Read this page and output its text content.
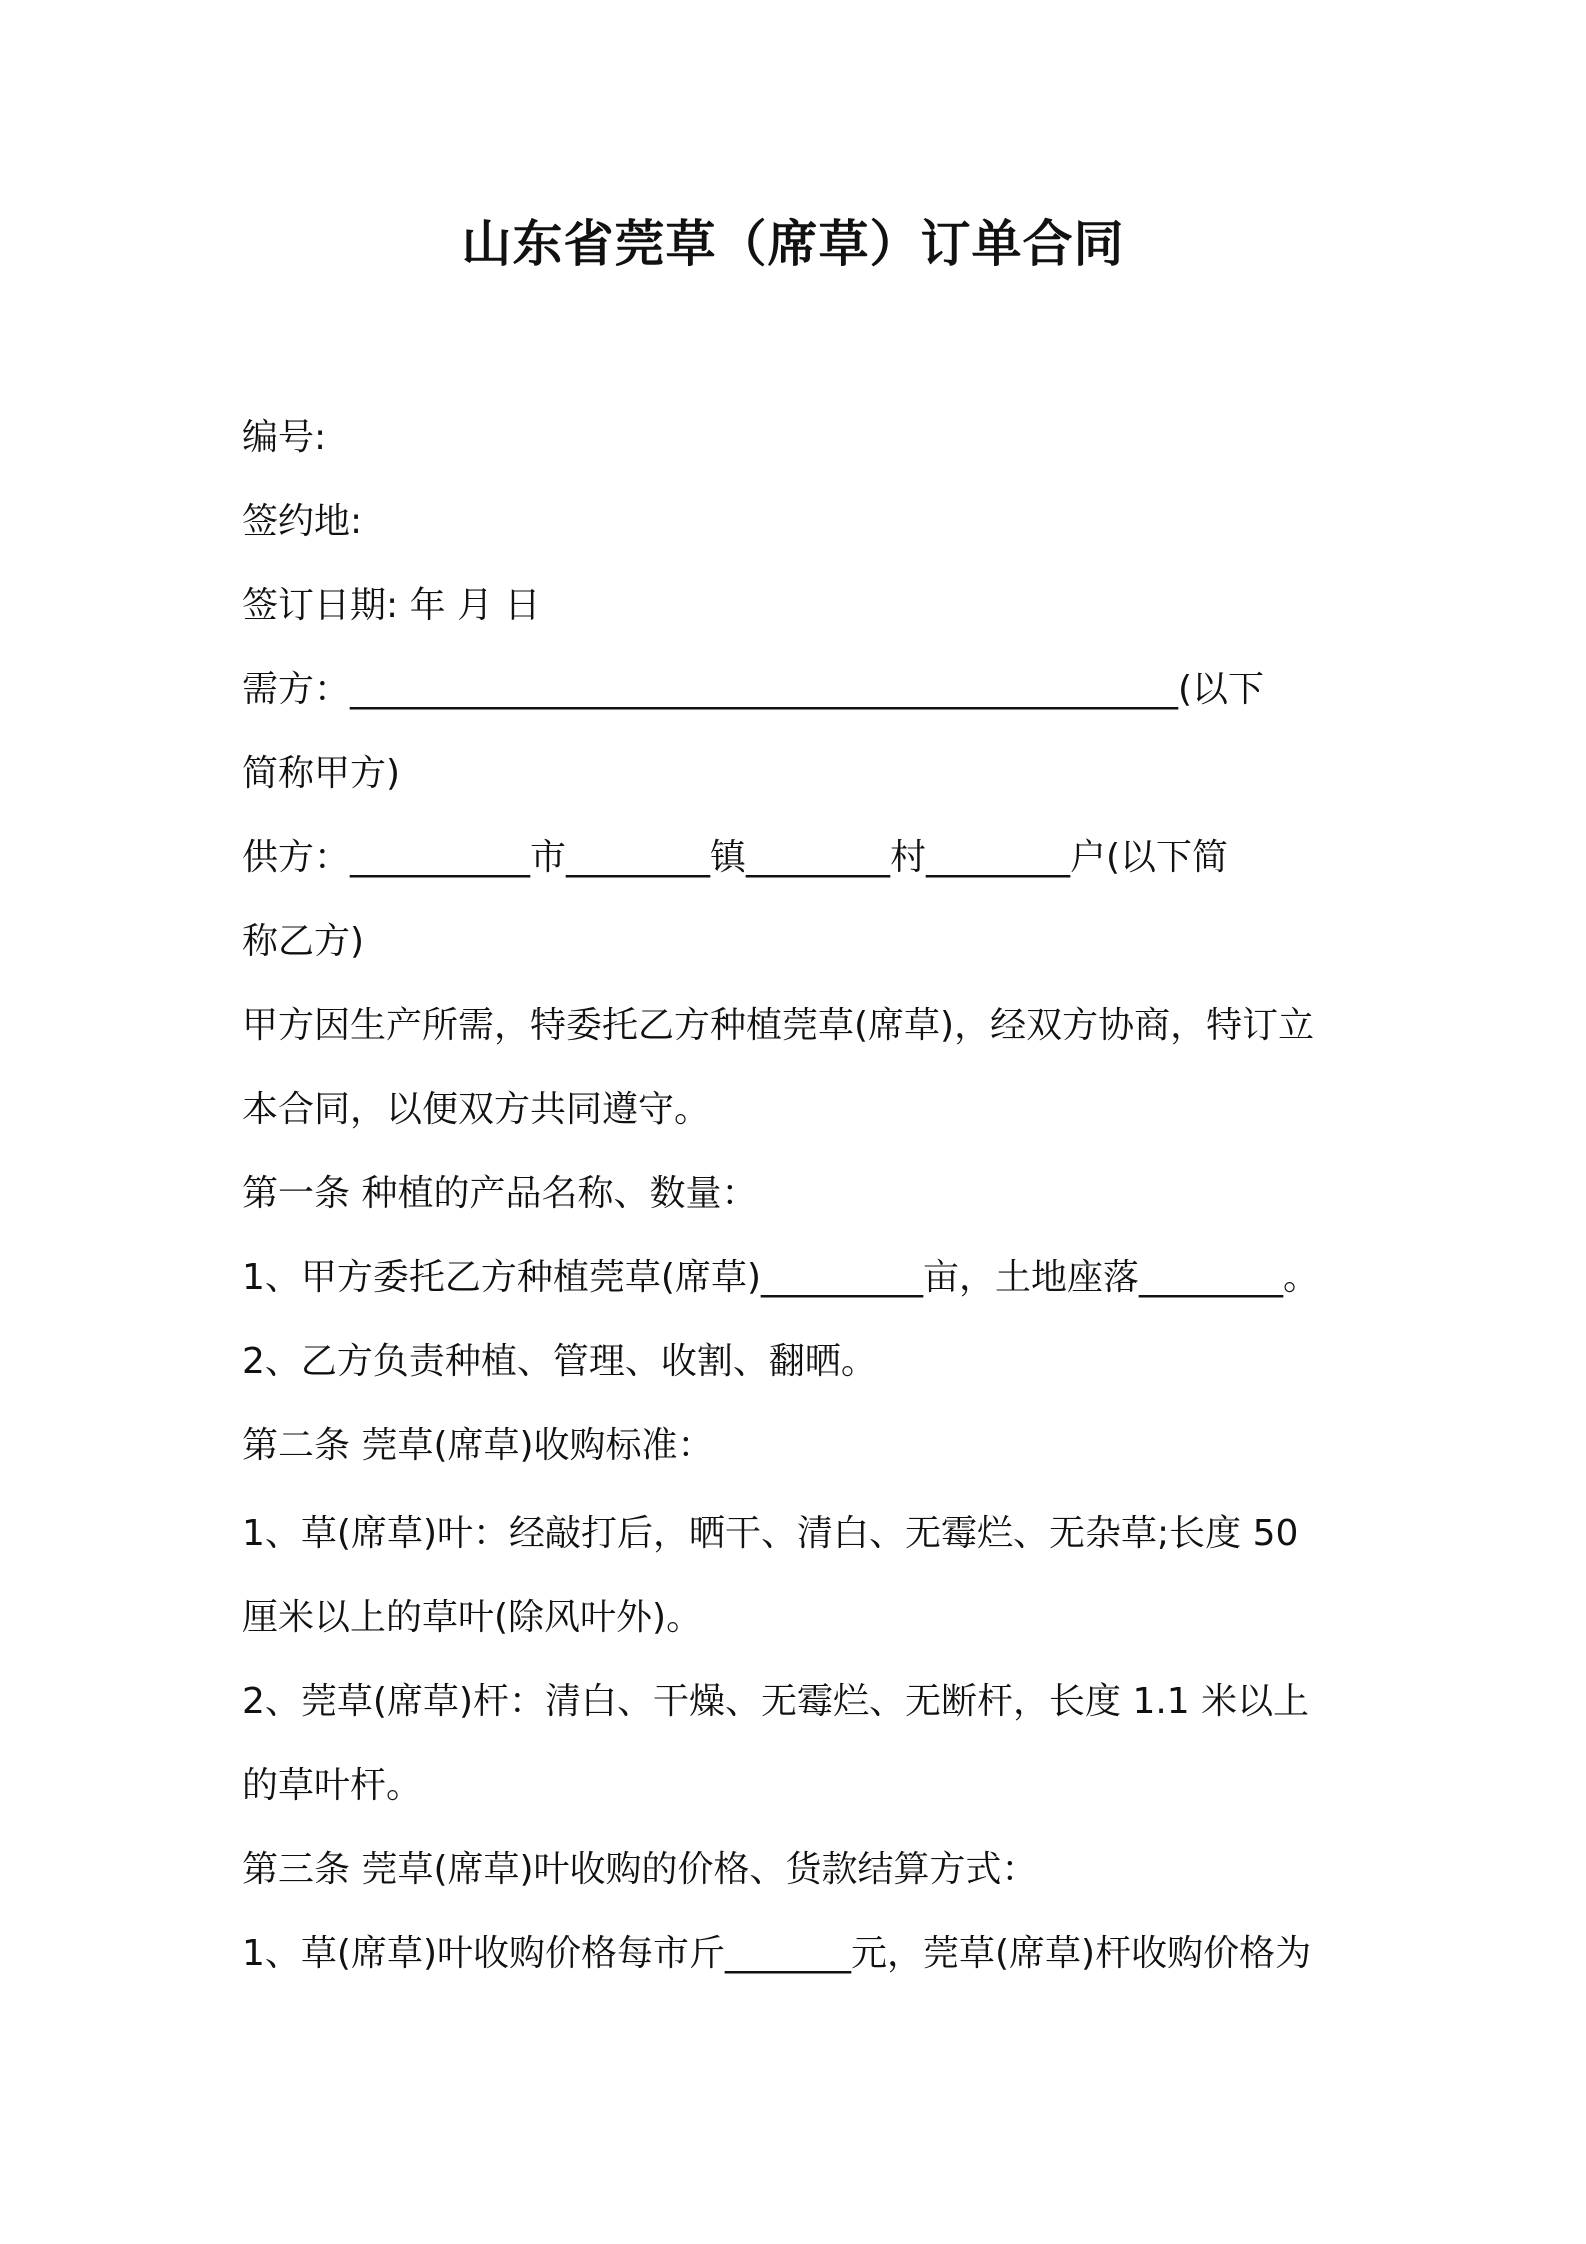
山东省莞草（席草）订单合同

编号:

签约地:

签订日期: 年 月 日

需方：______________________________________________(以下

简称甲方)

供方：__________市________镇________村________户(以下简

称乙方)

甲方因生产所需，特委托乙方种植莞草(席草)，经双方协商，特订立

本合同，以便双方共同遵守。

第一条 种植的产品名称、数量：

1、甲方委托乙方种植莞草(席草)_________亩，土地座落________。

2、乙方负责种植、管理、收割、翻晒。

第二条 莞草(席草)收购标准：

1、草(席草)叶：经敲打后，晒干、清白、无霉烂、无杂草;长度 50

厘米以上的草叶(除风叶外)。

2、莞草(席草)杆：清白、干燥、无霉烂、无断杆，长度 1.1 米以上

的草叶杆。

第三条 莞草(席草)叶收购的价格、货款结算方式：

1、草(席草)叶收购价格每市斤_______元，莞草(席草)杆收购价格为
